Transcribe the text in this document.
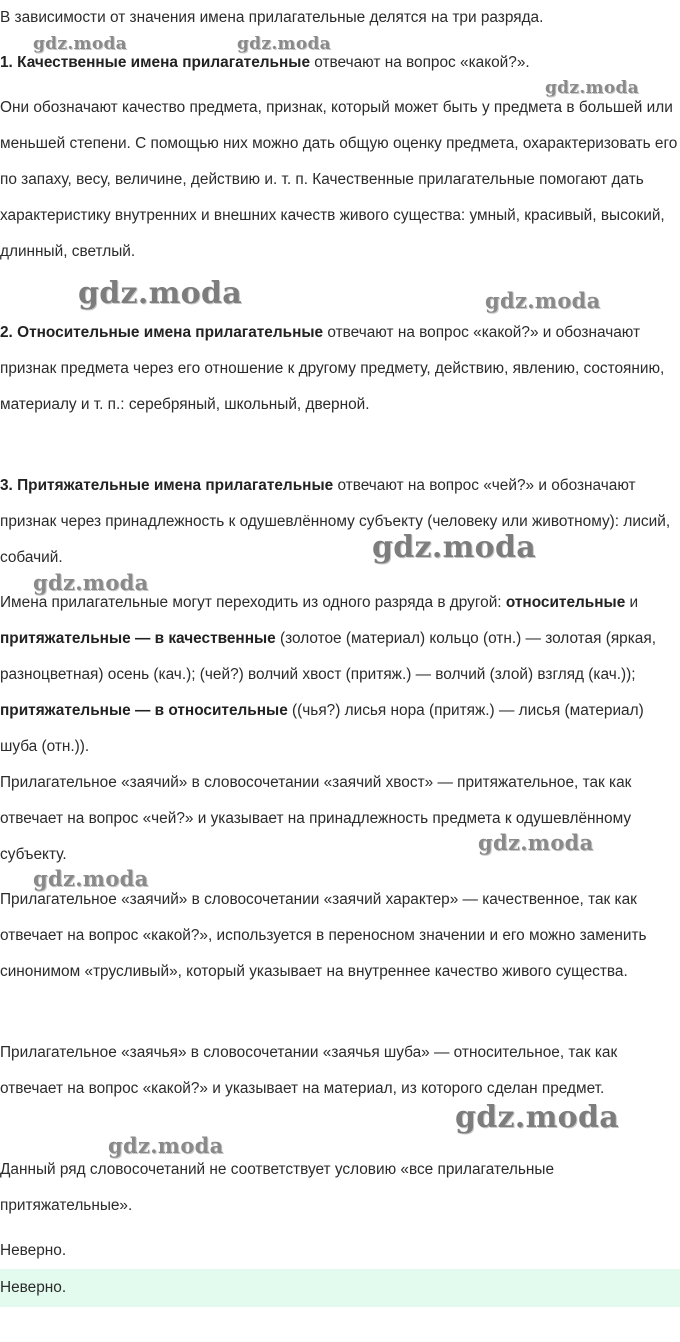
В зависимости от значения имена прилагательные делятся на три разряда.

1. Качественные имена прилагательные отвечают на вопрос «какой?».

Они обозначают качество предмета, признак, который может быть у предмета в большей или меньшей степени. С помощью них можно дать общую оценку предмета, охарактеризовать его по запаху, весу, величине, действию и. т. п. Качественные прилагательные помогают дать характеристику внутренних и внешних качеств живого существа: умный, красивый, высокий, длинный, светлый.

2. Относительные имена прилагательные отвечают на вопрос «какой?» и обозначают признак предмета через его отношение к другому предмету, действию, явлению, состоянию, материалу и т. п.: серебряный, школьный, дверной.

3. Притяжательные имена прилагательные отвечают на вопрос «чей?» и обозначают признак через принадлежность к одушевлённому субъекту (человеку или животному): лисий, собачий.

Имена прилагательные могут переходить из одного разряда в другой: относительные и притяжательные — в качественные (золотое (материал) кольцо (отн.) — золотая (яркая, разноцветная) осень (кач.); (чей?) волчий хвост (притяж.) — волчий (злой) взгляд (кач.)); притяжательные — в относительные ((чья?) лисья нора (притяж.) — лисья (материал) шуба (отн.)).

Прилагательное «заячий» в словосочетании «заячий хвост» — притяжательное, так как отвечает на вопрос «чей?» и указывает на принадлежность предмета к одушевлённому субъекту.

Прилагательное «заячий» в словосочетании «заячий характер» — качественное, так как отвечает на вопрос «какой?», используется в переносном значении и его можно заменить синонимом «трусливый», который указывает на внутреннее качество живого существа.

Прилагательное «заячья» в словосочетании «заячья шуба» — относительное, так как отвечает на вопрос «какой?» и указывает на материал, из которого сделан предмет.

Данный ряд словосочетаний не соответствует условию «все прилагательные притяжательные».

Неверно.

Неверно.

gdz.moda	gdz.moda
gdz.moda
gdz.moda	gdz.moda
gdz.moda
gdz.moda
gdz.moda
gdz.moda
gdz.moda
gdz.moda
